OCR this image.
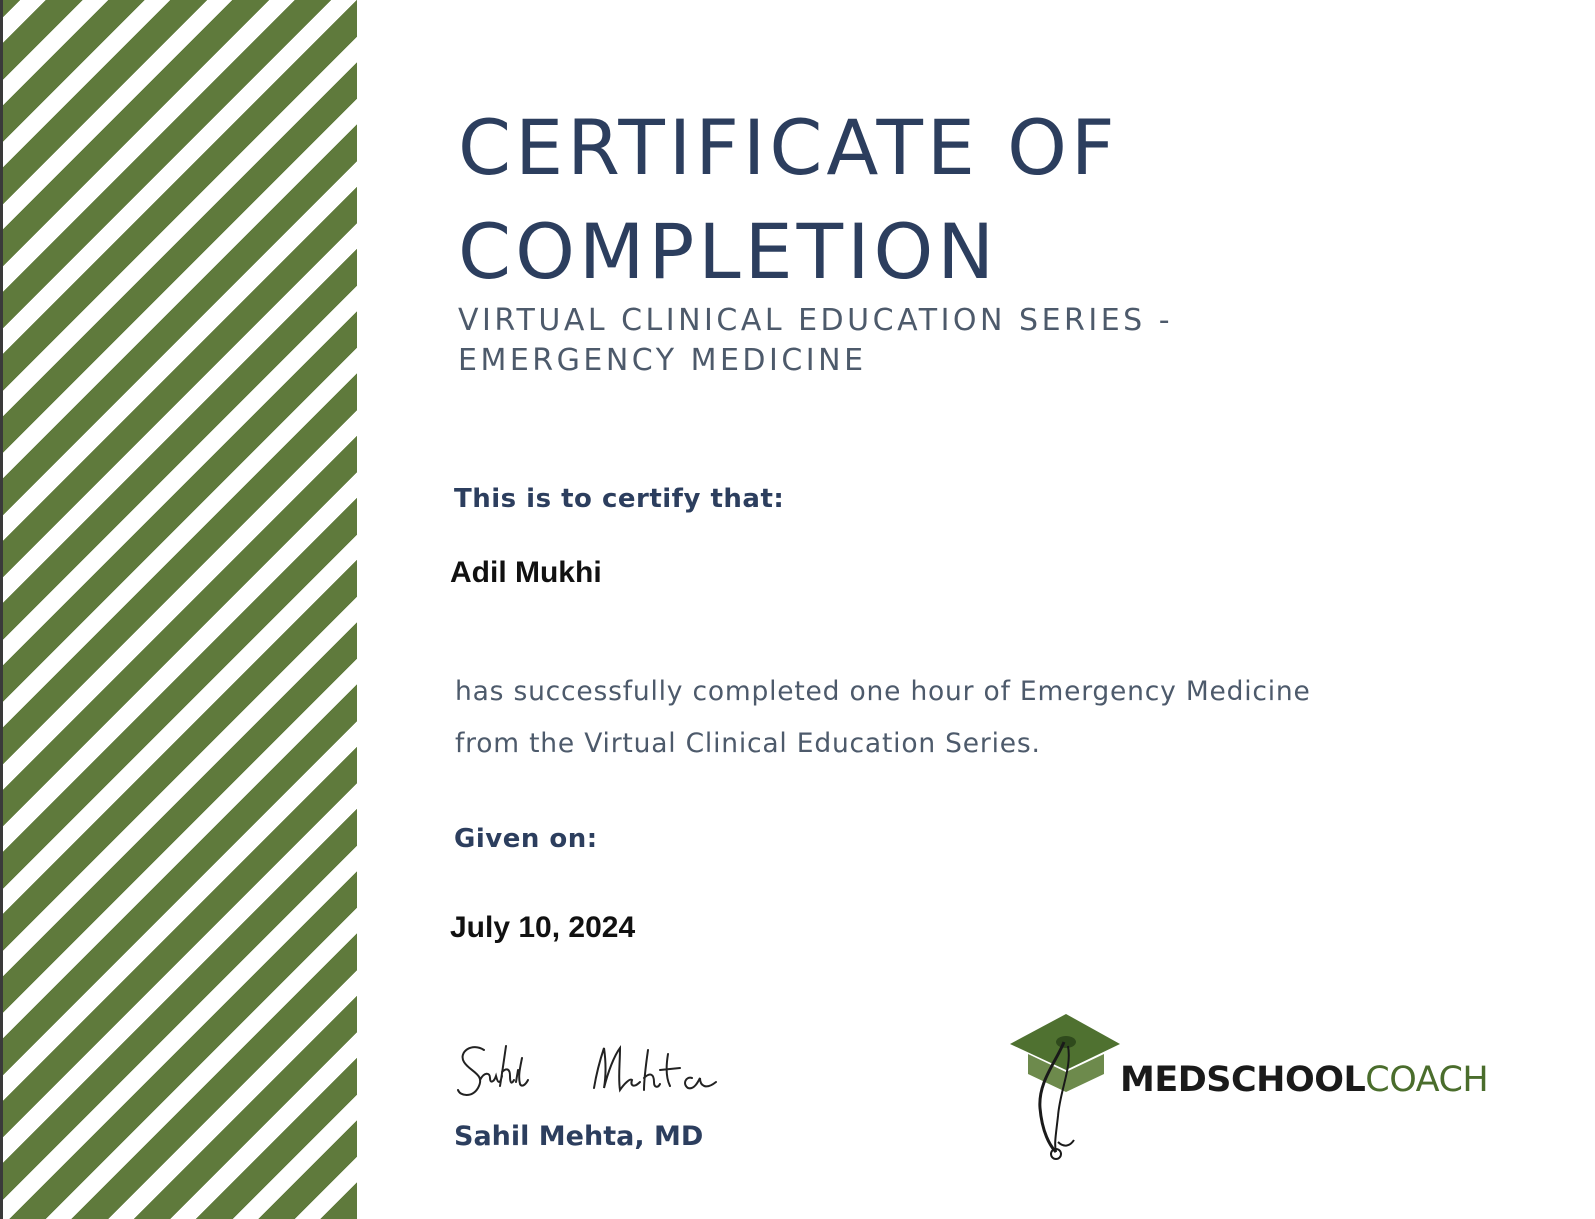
CERTIFICATE OF
COMPLETION
VIRTUAL CLINICAL EDUCATION SERIES -
EMERGENCY MEDICINE

This is to certify that:

Adil Mukhi

has successfully completed one hour of Emergency Medicine
from the Virtual Clinical Education Series.

Given on:

July 10, 2024

Sahil Mehta, MD

MEDSCHOOLCOACH
